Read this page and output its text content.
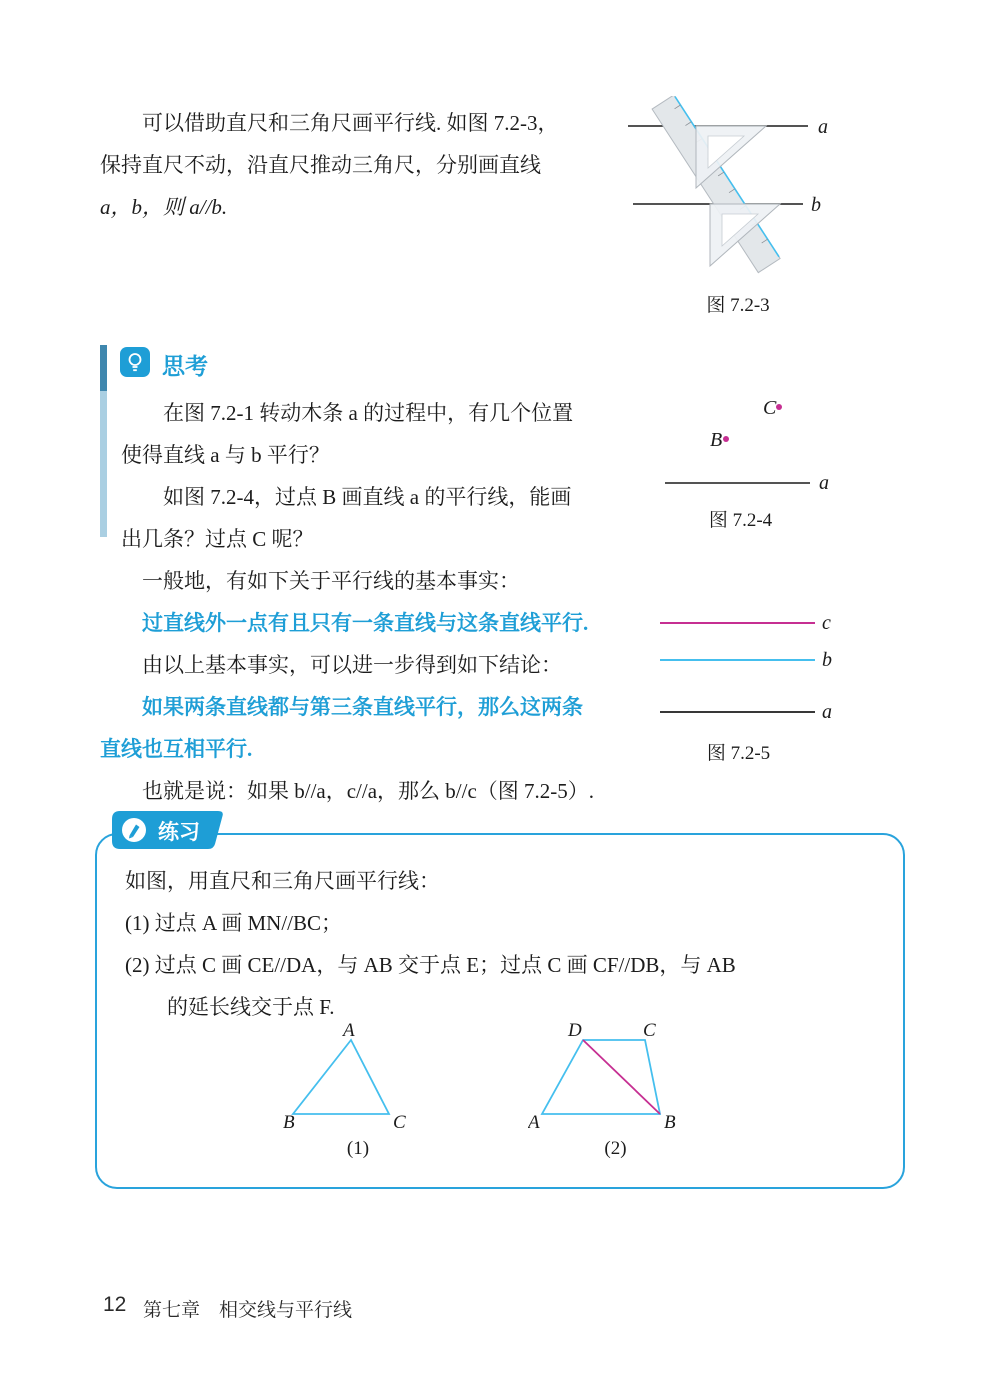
可以借助直尺和三角尺画平行线. 如图 7.2-3，
保持直尺不动，沿直尺推动三角尺，分别画直线
a，b，则 a//b.
a
b
图 7.2-3
思考
在图 7.2-1 转动木条 a 的过程中，有几个位置
使得直线 a 与 b 平行？
如图 7.2-4，过点 B 画直线 a 的平行线，能画
出几条？过点 C 呢？
C
B
a
图 7.2-4
一般地，有如下关于平行线的基本事实：
过直线外一点有且只有一条直线与这条直线平行.
由以上基本事实，可以进一步得到如下结论：
如果两条直线都与第三条直线平行，那么这两条
直线也互相平行.
也就是说：如果 b//a，c//a，那么 b//c（图 7.2-5）.
c
b
a
图 7.2-5
练习
如图，用直尺和三角尺画平行线：
(1) 过点 A 画 MN//BC；
(2) 过点 C 画 CE//DA，与 AB 交于点 E；过点 C 画 CF//DB，与 AB
的延长线交于点 F.
A
B	C
(1)
D	C
A	B
(2)
12 第七章　相交线与平行线
